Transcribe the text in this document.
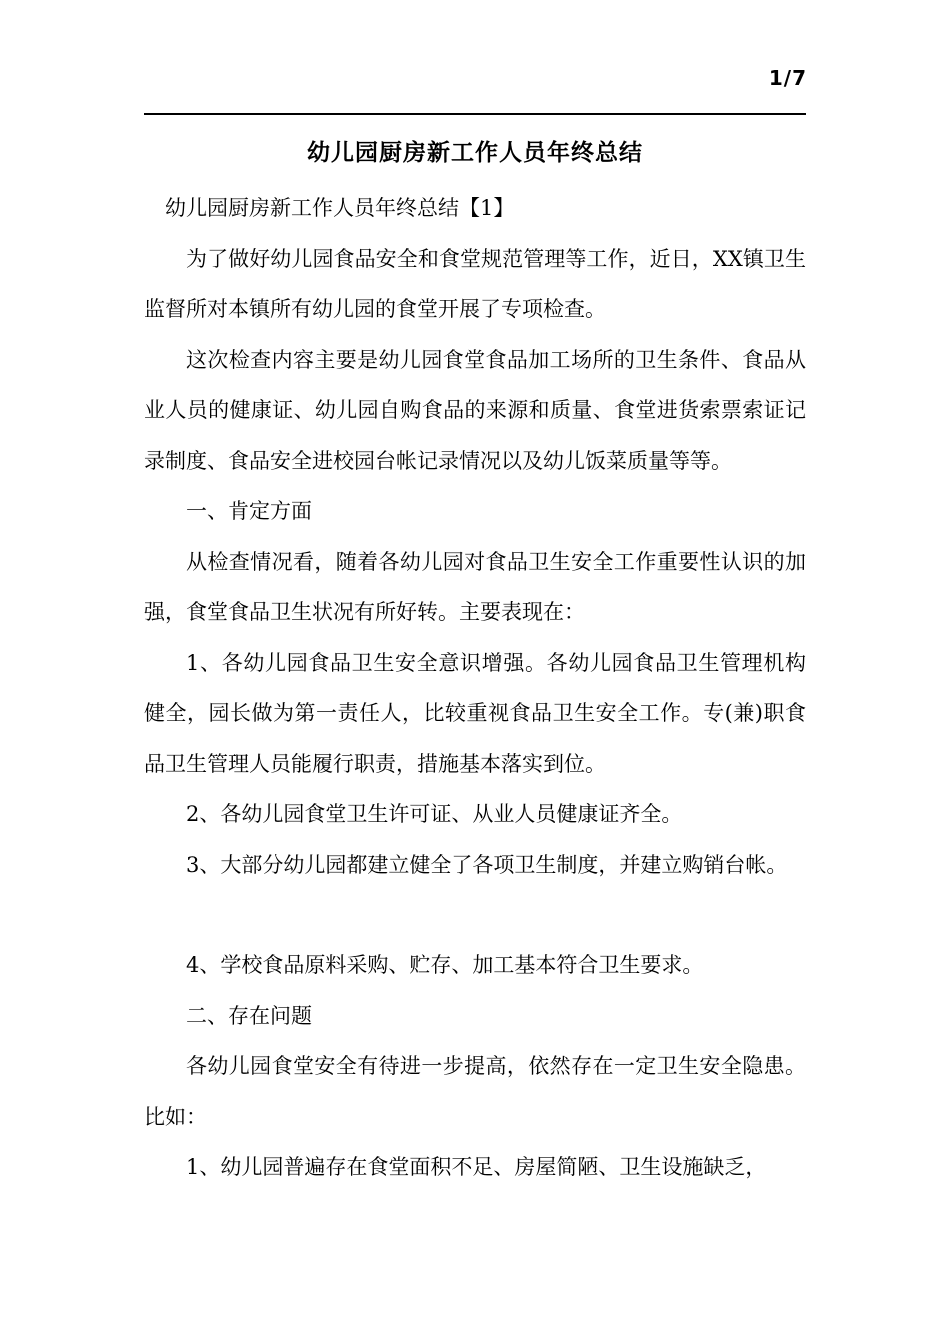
1/7
幼儿园厨房新工作人员年终总结

幼儿园厨房新工作人员年终总结【1】

为了做好幼儿园食品安全和食堂规范管理等工作，近日，XX镇卫生监督所对本镇所有幼儿园的食堂开展了专项检查。

这次检查内容主要是幼儿园食堂食品加工场所的卫生条件、食品从业人员的健康证、幼儿园自购食品的来源和质量、食堂进货索票索证记录制度、食品安全进校园台帐记录情况以及幼儿饭菜质量等等。

一、肯定方面

从检查情况看，随着各幼儿园对食品卫生安全工作重要性认识的加强，食堂食品卫生状况有所好转。主要表现在：

1、各幼儿园食品卫生安全意识增强。各幼儿园食品卫生管理机构健全，园长做为第一责任人，比较重视食品卫生安全工作。专(兼)职食品卫生管理人员能履行职责，措施基本落实到位。

2、各幼儿园食堂卫生许可证、从业人员健康证齐全。

3、大部分幼儿园都建立健全了各项卫生制度，并建立购销台帐。

4、学校食品原料采购、贮存、加工基本符合卫生要求。

二、存在问题

各幼儿园食堂安全有待进一步提高，依然存在一定卫生安全隐患。比如：

1、幼儿园普遍存在食堂面积不足、房屋简陋、卫生设施缺乏，
